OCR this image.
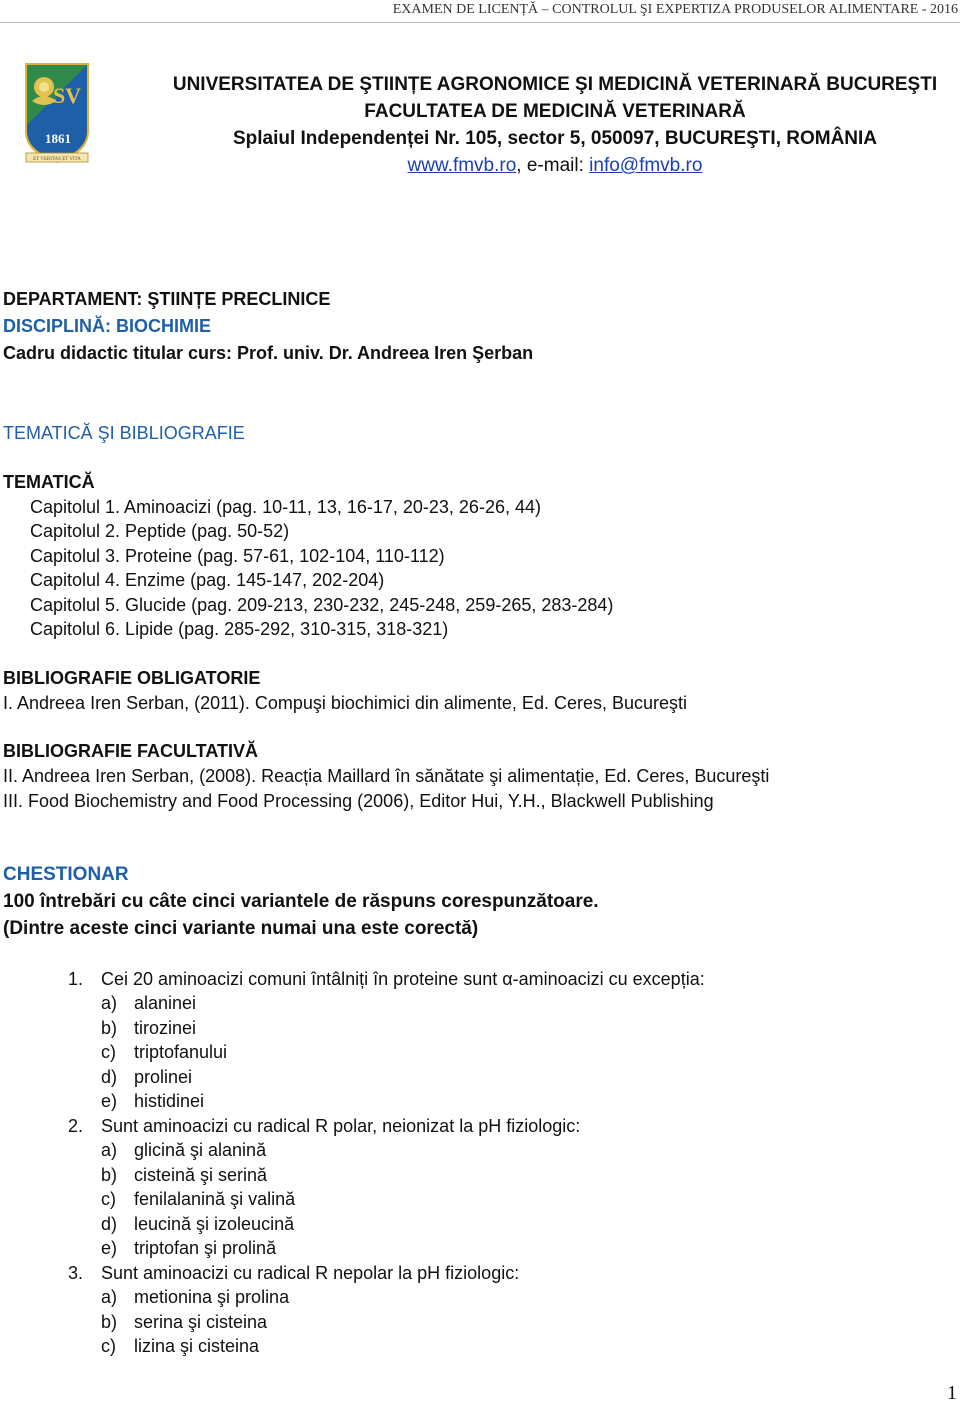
EXAMEN DE LICENȚĂ – CONTROLUL ŞI EXPERTIZA PRODUSELOR ALIMENTARE - 2016
SV
1861
ET VERITAS ET VITA
UNIVERSITATEA DE ŞTIINȚE AGRONOMICE ŞI MEDICINĂ VETERINARĂ BUCUREŞTI
FACULTATEA DE MEDICINĂ VETERINARĂ
Splaiul Independenței Nr. 105, sector 5, 050097, BUCUREŞTI, ROMÂNIA
www.fmvb.ro, e-mail: info@fmvb.ro
DEPARTAMENT: ŞTIINȚE PRECLINICE
DISCIPLINĂ: BIOCHIMIE
Cadru didactic titular curs: Prof. univ. Dr. Andreea Iren Şerban
TEMATICĂ ŞI BIBLIOGRAFIE
TEMATICĂ
Capitolul 1. Aminoacizi (pag. 10-11, 13, 16-17, 20-23, 26-26, 44)
Capitolul 2. Peptide (pag. 50-52)
Capitolul 3. Proteine (pag. 57-61, 102-104, 110-112)
Capitolul 4. Enzime (pag. 145-147, 202-204)
Capitolul 5. Glucide (pag. 209-213, 230-232, 245-248, 259-265, 283-284)
Capitolul 6. Lipide (pag. 285-292, 310-315, 318-321)
BIBLIOGRAFIE OBLIGATORIE
I. Andreea Iren Serban, (2011). Compuşi biochimici din alimente, Ed. Ceres, Bucureşti
BIBLIOGRAFIE FACULTATIVĂ
II. Andreea Iren Serban, (2008). Reacția Maillard în sănătate şi alimentație, Ed. Ceres, Bucureşti
III. Food Biochemistry and Food Processing (2006), Editor Hui, Y.H., Blackwell Publishing
CHESTIONAR
100 întrebări cu câte cinci variantele de răspuns corespunzătoare.
(Dintre aceste cinci variante numai una este corectă)
1. Cei 20 aminoacizi comuni întâlniți în proteine sunt α-aminoacizi cu excepția:
a) alaninei
b) tirozinei
c) triptofanului
d) prolinei
e) histidinei
2. Sunt aminoacizi cu radical R polar, neionizat la pH fiziologic:
a) glicină şi alanină
b) cisteină şi serină
c) fenilalanină şi valină
d) leucină şi izoleucină
e) triptofan şi prolină
3. Sunt aminoacizi cu radical R nepolar la pH fiziologic:
a) metionina şi prolina
b) serina şi cisteina
c) lizina şi cisteina
1
